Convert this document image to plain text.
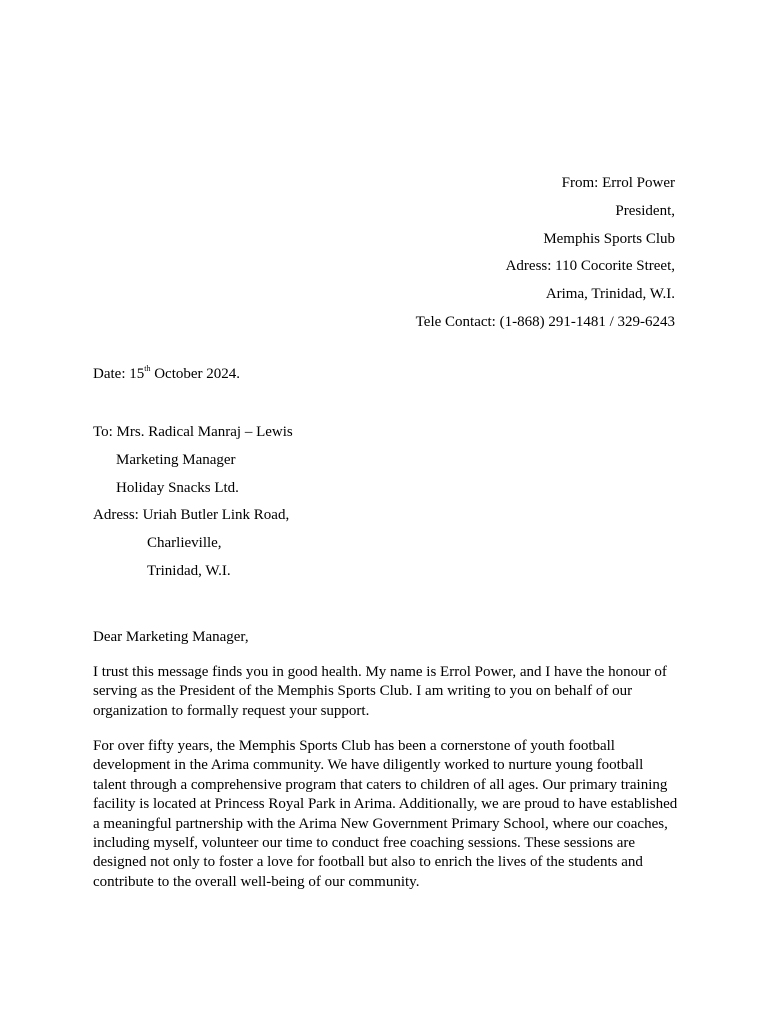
From: Errol Power
President,
Memphis Sports Club
Adress: 110 Cocorite Street,
Arima, Trinidad, W.I.
Tele Contact: (1-868) 291-1481 / 329-6243
Date: 15th October 2024.
To: Mrs. Radical Manraj – Lewis
Marketing Manager
Holiday Snacks Ltd.
Adress: Uriah Butler Link Road,
Charlieville,
Trinidad, W.I.
Dear Marketing Manager,
I trust this message finds you in good health. My name is Errol Power, and I have the honour of serving as the President of the Memphis Sports Club. I am writing to you on behalf of our organization to formally request your support.
For over fifty years, the Memphis Sports Club has been a cornerstone of youth football development in the Arima community. We have diligently worked to nurture young football talent through a comprehensive program that caters to children of all ages. Our primary training facility is located at Princess Royal Park in Arima. Additionally, we are proud to have established a meaningful partnership with the Arima New Government Primary School, where our coaches, including myself, volunteer our time to conduct free coaching sessions. These sessions are designed not only to foster a love for football but also to enrich the lives of the students and contribute to the overall well-being of our community.
